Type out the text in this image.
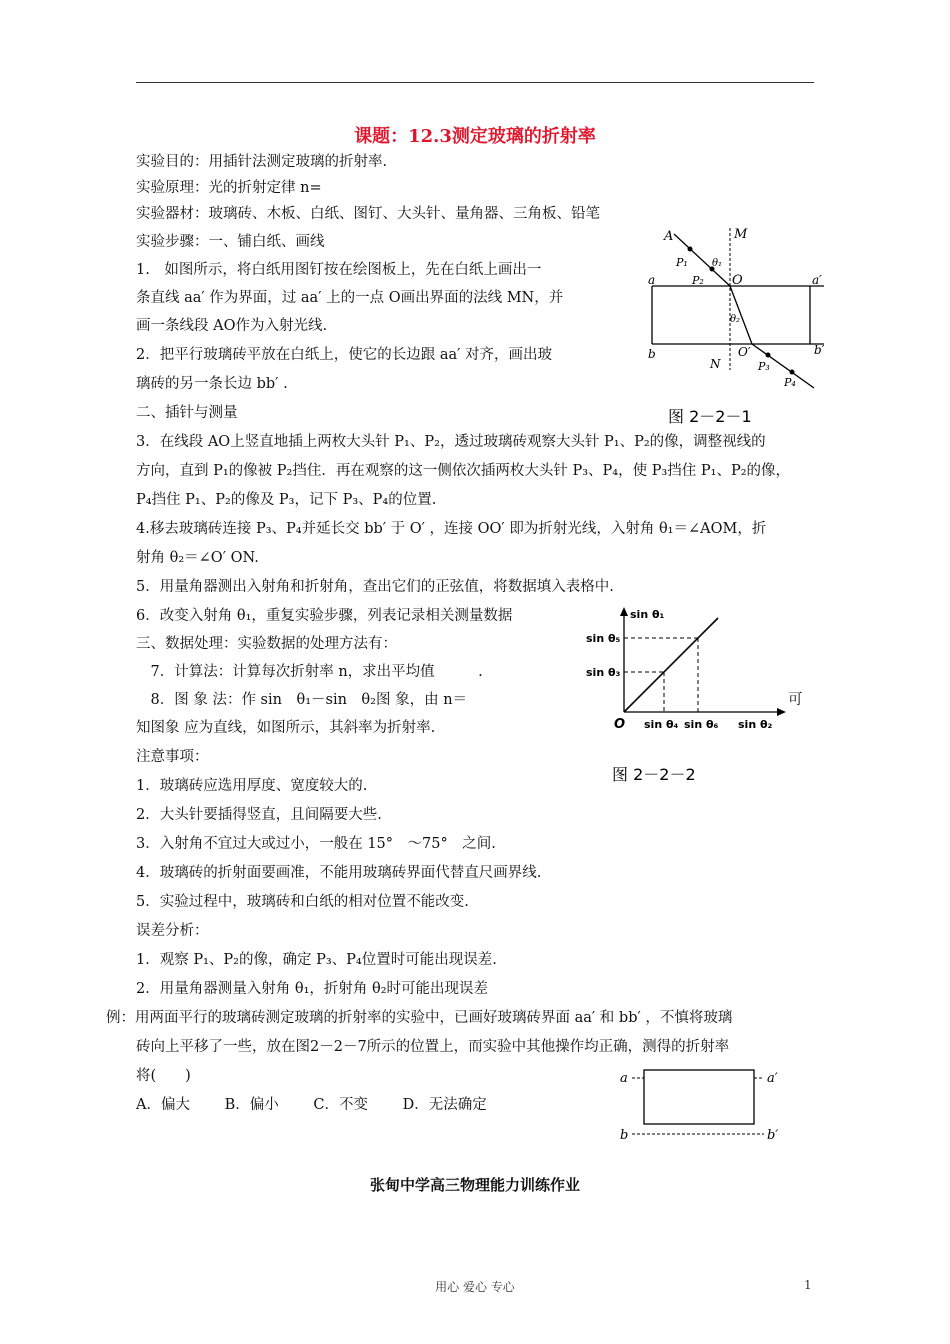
课题：12.3测定玻璃的折射率
实验目的：用插针法测定玻璃的折射率.
实验原理：光的折射定律 n=
实验器材：玻璃砖、木板、白纸、图钉、大头针、量角器、三角板、铅笔
实验步骤：一、铺白纸、画线
1.　如图所示，将白纸用图钉按在绘图板上，先在白纸上画出一
条直线 aa′ 作为界面，过 aa′ 上的一点 O画出界面的法线 MN，并
画一条线段 AO作为入射光线.
2．把平行玻璃砖平放在白纸上，使它的长边跟 aa′ 对齐，画出玻
璃砖的另一条长边 bb′ .
二、插针与测量
3．在线段 AO上竖直地插上两枚大头针 P₁、P₂，透过玻璃砖观察大头针 P₁、P₂的像，调整视线的
方向，直到 P₁的像被 P₂挡住．再在观察的这一侧依次插两枚大头针 P₃、P₄，使 P₃挡住 P₁、P₂的像，
P₄挡住 P₁、P₂的像及 P₃，记下 P₃、P₄的位置.
4.移去玻璃砖连接 P₃、P₄并延长交 bb′ 于 O′ ，连接 OO′ 即为折射光线，入射角 θ₁＝∠AOM，折
射角 θ₂＝∠O′ ON.
5．用量角器测出入射角和折射角，查出它们的正弦值，将数据填入表格中.
6．改变入射角 θ₁，重复实验步骤，列表记录相关测量数据
三、数据处理：实验数据的处理方法有：
　7．计算法：计算每次折射率 n，求出平均值　　　.
　8．图 象 法：作 sin　θ₁－sin　θ₂图 象，由 n＝	可
知图象 应为直线，如图所示，其斜率为折射率.
注意事项：
1．玻璃砖应选用厚度、宽度较大的.
2．大头针要插得竖直，且间隔要大些.
3．入射角不宜过大或过小，一般在 15°　～75°　之间.
4．玻璃砖的折射面要画准，不能用玻璃砖界面代替直尺画界线.
5．实验过程中，玻璃砖和白纸的相对位置不能改变.
误差分析：
1．观察 P₁、P₂的像，确定 P₃、P₄位置时可能出现误差.
2．用量角器测量入射角 θ₁，折射角 θ₂时可能出现误差
例：用两面平行的玻璃砖测定玻璃的折射率的实验中，已画好玻璃砖界面 aa′ 和 bb′ ，不慎将玻璃
砖向上平移了一些，放在图2－2－7所示的位置上，而实验中其他操作均正确，测得的折射率
将(　　)
A．偏大 B．偏小 C．不变 D．无法确定
A	M
P₁ θ₁
P₂ O
a	a′
θ₂
b	O′	b′
N	P₃
P₄
图 2－2－1
sin θ₁
sin θ₅
sin θ₃
O sin θ₄ sin θ₆ sin θ₂
图 2－2－2
a	a′
b	b′
张甸中学高三物理能力训练作业
用心 爱心 专心	1
